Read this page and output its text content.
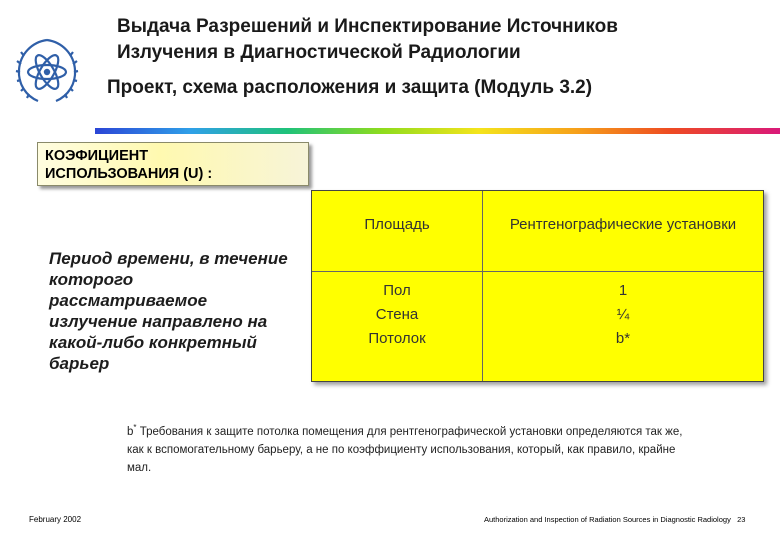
Выдача Разрешений и Инспектирование Источников
Излучения в Диагностической Радиологии
Проект, схема расположения и защита (Модуль 3.2)
КОЭФИЦИЕНТ
ИСПОЛЬЗОВАНИЯ (U) :
Период времени, в течение которого рассматриваемое излучение направлено на какой-либо конкретный барьер
Площадь	Рентгенографические установки
Пол
Стена
Потолок
1
¼
b*
b* Требования к защите потолка помещения для рентгенографической установки определяются так же, как к вспомогательному барьеру, а не по коэффициенту использования, который, как правило, крайне мал.
February 2002	Authorization and Inspection of Radiation Sources in Diagnostic Radiology 23
